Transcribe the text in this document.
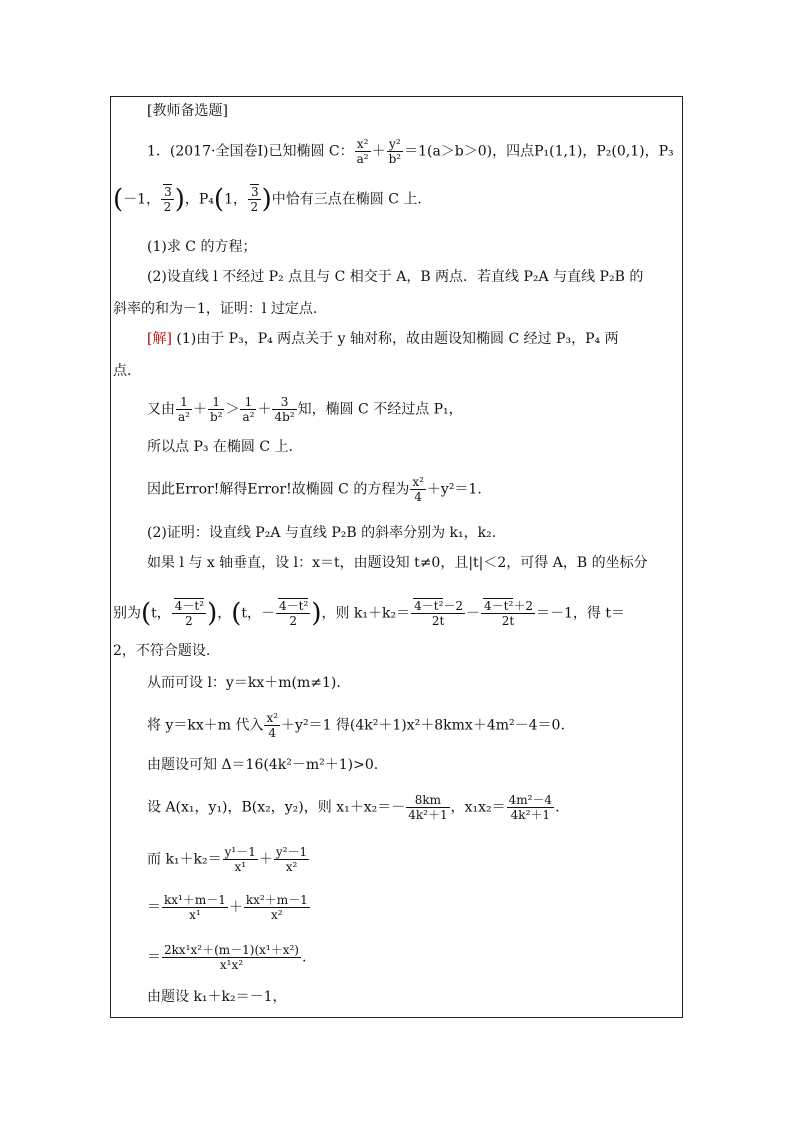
[教师备选题]
1．(2017·全国卷Ⅰ)已知椭圆 C： $\frac{\text{x²}}{\text{a²}} + \frac{\text{y²}}{\text{b²}} =1(a>b>0)$，四点P₁(1,1)，P₂(0,1)，P₃
(－1， $\frac{3}{2}$ )，P₄(1， $\frac{3}{2}$ )中恰有三点在椭圆 C 上.
(1)求 C 的方程；
(2)设直线 l 不经过 P₂ 点且与 C 相交于 A，B 两点．若直线 P₂A 与直线 P₂B 的
斜率的和为－1，证明：l 过定点.
[解] (1)由于 P₃，P₄ 两点关于 y 轴对称，故由题设知椭圆 C 经过 P₃，P₄ 两
点.
又由 $\frac{1}{\text{a²}} + \frac{1}{\text{b²}} > \frac{1}{\text{a²}} + \frac{3}{\text{4b²}}$ 知，椭圆 C 不经过点 P₁，
所以点 P₃ 在椭圆 C 上.
因此Error!解得Error!故椭圆 C 的方程为 $\frac{\text{x²}}{4} +y^2=1$.
(2)证明：设直线 P₂A 与直线 P₂B 的斜率分别为 k₁，k₂.
如果 l 与 x 轴垂直，设 l：x＝t，由题设知 t≠0，且|t|＜2，可得 A，B 的坐标分
别为(t， $\frac{\text{4－t²}}{2}$ )，(t，－ $\frac{\text{4－t²}}{2}$ )，则 $k_1+k_2= \frac{\text{4－t²－2}}{2t} - \frac{\text{4－t²＋2}}{2t} =-1$，得 t＝
2，不符合题设.
从而可设 l：y＝kx＋m(m≠1).
将 y＝kx＋m 代入 $\frac{\text{x²}}{4} +y^2=1$ 得(4k²＋1)x²＋8kmx＋4m²－4＝0.
由题设可知 Δ＝16(4k²－m²＋1)>0.
设 A(x₁，y₁)，B(x₂，y₂)，则 $x_1+x_2=- \frac{8km}{\text{4k²＋1}}$ ，$x_1x_2= \frac{\text{4m²－4}}{\text{4k²＋1}}$ .
而 $k_1+k_2= \frac{\text{y¹－1}}{\text{x¹}} + \frac{\text{y²－1}}{\text{x²}}$
＝ $\frac{\text{kx¹＋m－1}}{\text{x¹}} + \frac{\text{kx²＋m－1}}{\text{x²}}$
＝ $\frac{\text{2kx¹x²＋(m－1)(x¹＋x²)}}{\text{x¹x²}}$ .
由题设 k₁＋k₂＝－1，
